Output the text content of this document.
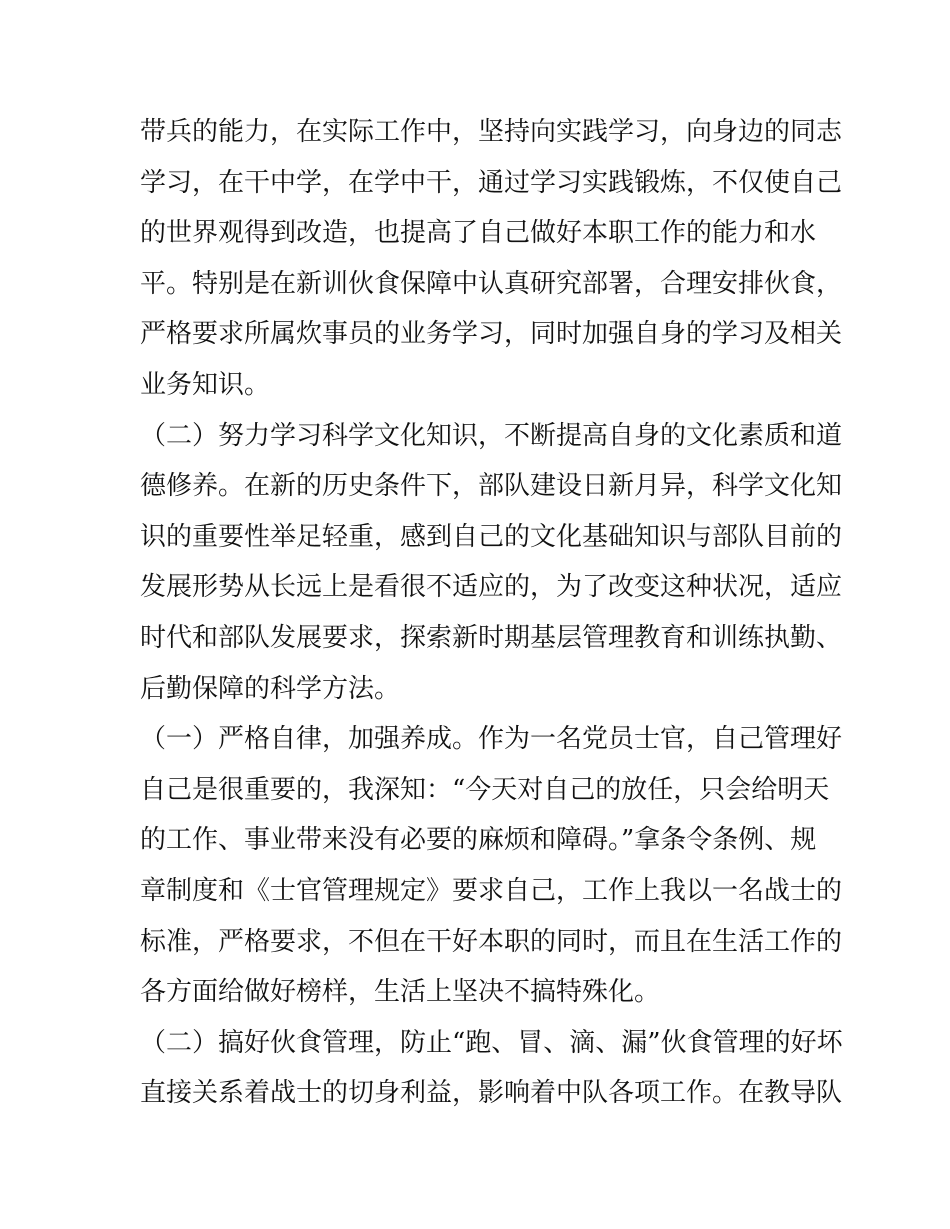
带兵的能力，在实际工作中，坚持向实践学习，向身边的同志
学习，在干中学，在学中干，通过学习实践锻炼，不仅使自己
的世界观得到改造，也提高了自己做好本职工作的能力和水
平。特别是在新训伙食保障中认真研究部署，合理安排伙食，
严格要求所属炊事员的业务学习，同时加强自身的学习及相关
业务知识。
（二）努力学习科学文化知识，不断提高自身的文化素质和道
德修养。在新的历史条件下，部队建设日新月异，科学文化知
识的重要性举足轻重，感到自己的文化基础知识与部队目前的
发展形势从长远上是看很不适应的，为了改变这种状况，适应
时代和部队发展要求，探索新时期基层管理教育和训练执勤、
后勤保障的科学方法。
（一）严格自律，加强养成。作为一名党员士官，自己管理好
自己是很重要的，我深知：“今天对自己的放任，只会给明天
的工作、事业带来没有必要的麻烦和障碍。”拿条令条例、规
章制度和《士官管理规定》要求自己，工作上我以一名战士的
标准，严格要求，不但在干好本职的同时，而且在生活工作的
各方面给做好榜样，生活上坚决不搞特殊化。
（二）搞好伙食管理，防止“跑、冒、滴、漏”伙食管理的好坏
直接关系着战士的切身利益，影响着中队各项工作。在教导队
